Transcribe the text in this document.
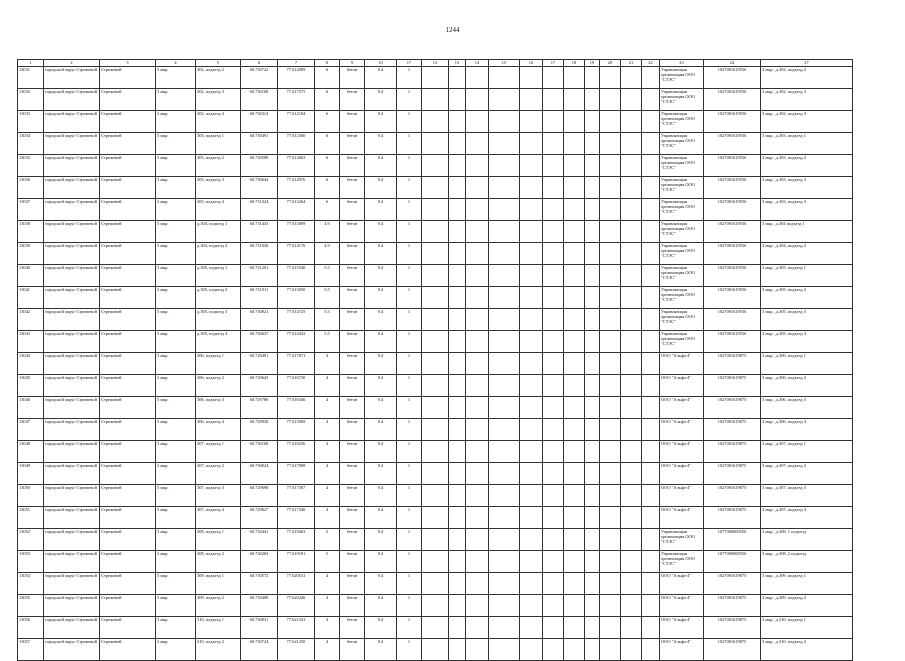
1244
1	2	3	4	5	6	7	8	9	10	17	12	13	14	15	16	17	18	19	20	21	22	23	24	27
13031	городской округ Стрежевой	Стрежевой	3 мкр.	302, подъезд 2	60.730722	77.612009	6	бетон	0.4	1												Управляющая организация ООО "СТЭС"	1027001619556	3 мкр., д.302, подъезд 2
13032	городской округ Стрежевой	Стрежевой	3 мкр.	302, подъезд 3	60.730168	77.617575	6	бетон	0.4	1												Управляющая организация ООО "СТЭС"	1027001619556	3 мкр., д.302, подъезд 3
13033	городской округ Стрежевой	Стрежевой	3 мкр.	302, подъезд 4	60.730314	77.612184	6	бетон	0.4	1												Управляющая организация ООО "СТЭС"	1027001619556	3 мкр., д.302, подъезд 4
13034	городской округ Стрежевой	Стрежевой	3 мкр.	303, подъезд 1	60.730491	77.612360	6	бетон	0.4	1												Управляющая организация ООО "СТЭС"	1027001619556	3 мкр., д.303, подъезд 1
13035	городской округ Стрежевой	Стрежевой	3 мкр.	303, подъезд 2	60.730589	77.612663	6	бетон	0.4	1												Управляющая организация ООО "СТЭС"	1027001619556	3 мкр., д.303, подъезд 2
13036	городской округ Стрежевой	Стрежевой	3 мкр.	303, подъезд 3	60.730644	77.612976	6	бетон	0.4	1												Управляющая организация ООО "СТЭС"	1027001619556	3 мкр., д.303, подъезд 3
13037	городской округ Стрежевой	Стрежевой	3 мкр.	303, подъезд 4	60.731024	77.613264	6	бетон	0.4	1												Управляющая организация ООО "СТЭС"	1027001619556	3 мкр., д.303, подъезд 3
13038	городской округ Стрежевой	Стрежевой	3 мкр.	д.304, подъезд 1	60.731433	77.613009	4.9	бетон	0.4	1												Управляющая организация ООО "СТЭС"	1027001619556	3 мкр., д.304 подъезд 1
13039	городской округ Стрежевой	Стрежевой	3 мкр.	д.304, подъезд 2	60.731036	77.614176	4.9	бетон	0.4	1												Управляющая организация ООО "СТЭС"	1027001619556	3 мкр., д.304, подъезд 2
13040	городской округ Стрежевой	Стрежевой	3 мкр.	д.305, подъезд 1	60.731201	77.615340	5.5	бетон	0.4	1												Управляющая организация ООО "СТЭС"	1027001619556	3 мкр., д.305, подъезд 1
13041	городской округ Стрежевой	Стрежевой	3 мкр.	д.305, подъезд 2	60.731011	77.615050	5.5	бетон	0.4	1												Управляющая организация ООО "СТЭС"	1027001619556	3 мкр., д.305, подъезд 2
13042	городской округ Стрежевой	Стрежевой	3 мкр.	д.305, подъезд 3	60.730821	77.614725	5.5	бетон	0.4	1												Управляющая организация ООО "СТЭС"	1027001619556	3 мкр., д.305, подъезд 3
13043	городской округ Стрежевой	Стрежевой	3 мкр.	д.305, подъезд 4	60.730637	77.614432	5.5	бетон	0.4	1												Управляющая организация ООО "СТЭС"	1027001619556	3 мкр., д.305, подъезд 4
13044	городской округ Стрежевой	Стрежевой	3 мкр.	306, подъезд 1	60.729491	77.617071	4	бетон	0.4	1												ООО "Альфа-4"	1027001619875	3 мкр., д.306, подъезд 1
13045	городской округ Стрежевой	Стрежевой	3 мкр.	306, подъезд 2	60.729645	77.616730	4	бетон	0.4	1												ООО "Альфа-4"	1027001619875	3 мкр., д.306, подъезд 2
13046	городской округ Стрежевой	Стрежевой	3 мкр.	306, подъезд 3	60.729786	77.616346	4	бетон	0.4	1												ООО "Альфа-4"	1027001619875	3 мкр., д.306, подъезд 3
13047	городской округ Стрежевой	Стрежевой	3 мкр.	306, подъезд 4	60.729930	77.615969	4	бетон	0.4	1												ООО "Альфа-4"	1027001619875	3 мкр., д.306, подъезд 4
13048	городской округ Стрежевой	Стрежевой	3 мкр.	307, подъезд 1	60.730168	77.618236	4	бетон	0.4	1												ООО "Альфа-4"	1027001619875	3 мкр., д.307, подъезд 1
13049	городской округ Стрежевой	Стрежевой	3 мкр.	307, подъезд 2	60.730024	77.617908	4	бетон	0.4	1												ООО "Альфа-4"	1027001619875	3 мкр., д.307, подъезд 2
13050	городской округ Стрежевой	Стрежевой	3 мкр.	307, подъезд 3	60.729698	77.617587	4	бетон	0.4	1												ООО "Альфа-4"	1027001619875	3 мкр., д.307, подъезд 3
13051	городской округ Стрежевой	Стрежевой	3 мкр.	307, подъезд 4	60.729627	77.617340	4	бетон	0.4	1												ООО "Альфа-4"	1027001619875	3 мкр., д.307, подъезд 4
13052	городской округ Стрежевой	Стрежевой	3 мкр.	308, подъезд 1	60.730441	77.619463	5	бетон	0.4	1												Управляющая организация ООО "СТЭС"	1077000000556	3 мкр., д.308, 1 подъезд
13053	городской округ Стрежевой	Стрежевой	3 мкр.	308, подъезд 2	60.730284	77.619181	5	бетон	0.4	1												Управляющая организация ООО "СТЭС"	1077000000556	3 мкр., д.308, 2 подъезд
13054	городской округ Стрежевой	Стрежевой	3 мкр.	309, подъезд 1	60.730572	77.620531	4	бетон	0.4	1												ООО "Альфа-4"	1027001619875	3 мкр., д.309, подъезд 1
13055	городской округ Стрежевой	Стрежевой	3 мкр.	309, подъезд 2	60.730408	77.620246	4	бетон	0.4	1												ООО "Альфа-4"	1027001619875	3 мкр., д.309, подъезд 2
13056	городской округ Стрежевой	Стрежевой	3 мкр.	310, подъезд 1	60.730931	77.621541	4	бетон	0.4	1												ООО "Альфа-4"	1027001619875	3 мкр., д.310, подъезд 1
13057	городской округ Стрежевой	Стрежевой	3 мкр.	310, подъезд 2	60.730724	77.621250	4	бетон	0.4	1												ООО "Альфа-4"	1027001619875	3 мкр., д.310, подъезд 2
